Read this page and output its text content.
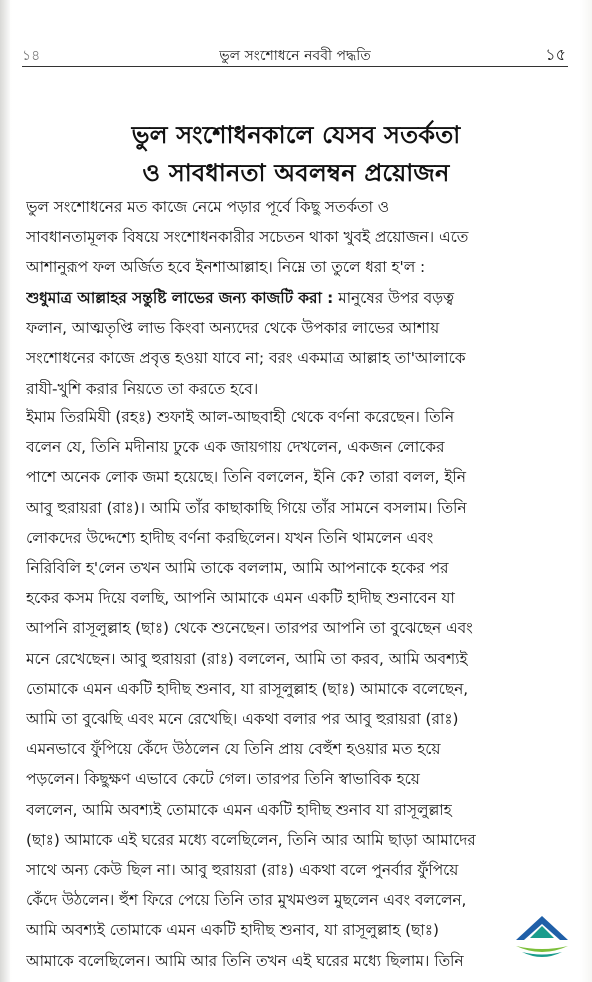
১৪	ভুল সংশোধনে নববী পদ্ধতি	১৫
ভুল সংশোধনকালে যেসব সতর্কতা
ও সাবধানতা অবলম্বন প্রয়োজন
ভুল সংশোধনের মত কাজে নেমে পড়ার পূর্বে কিছু সতর্কতা ও
সাবধানতামূলক বিষয়ে সংশোধনকারীর সচেতন থাকা খুবই প্রয়োজন। এতে
আশানুরূপ ফল অর্জিত হবে ইনশাআল্লাহ। নিম্নে তা তুলে ধরা হ'ল :
শুধুমাত্র আল্লাহর সন্তুষ্টি লাভের জন্য কাজটি করা : মানুষের উপর বড়ত্ব
ফলান, আত্মতৃপ্তি লাভ কিংবা অন্যদের থেকে উপকার লাভের আশায়
সংশোধনের কাজে প্রবৃত্ত হওয়া যাবে না; বরং একমাত্র আল্লাহ তা'আলাকে
রাযী-খুশি করার নিয়তে তা করতে হবে।
ইমাম তিরমিযী (রহঃ) শুফাই আল-আছবাহী থেকে বর্ণনা করেছেন। তিনি
বলেন যে, তিনি মদীনায় ঢুকে এক জায়গায় দেখলেন, একজন লোকের
পাশে অনেক লোক জমা হয়েছে। তিনি বললেন, ইনি কে? তারা বলল, ইনি
আবু হুরায়রা (রাঃ)। আমি তাঁর কাছাকাছি গিয়ে তাঁর সামনে বসলাম। তিনি
লোকদের উদ্দেশ্যে হাদীছ বর্ণনা করছিলেন। যখন তিনি থামলেন এবং
নিরিবিলি হ'লেন তখন আমি তাকে বললাম, আমি আপনাকে হকের পর
হকের কসম দিয়ে বলছি, আপনি আমাকে এমন একটি হাদীছ শুনাবেন যা
আপনি রাসূলুল্লাহ (ছাঃ) থেকে শুনেছেন। তারপর আপনি তা বুঝেছেন এবং
মনে রেখেছেন। আবু হুরায়রা (রাঃ) বললেন, আমি তা করব, আমি অবশ্যই
তোমাকে এমন একটি হাদীছ শুনাব, যা রাসূলুল্লাহ (ছাঃ) আমাকে বলেছেন,
আমি তা বুঝেছি এবং মনে রেখেছি। একথা বলার পর আবু হুরায়রা (রাঃ)
এমনভাবে ফুঁপিয়ে কেঁদে উঠলেন যে তিনি প্রায় বেহুঁশ হওয়ার মত হয়ে
পড়লেন। কিছুক্ষণ এভাবে কেটে গেল। তারপর তিনি স্বাভাবিক হয়ে
বললেন, আমি অবশ্যই তোমাকে এমন একটি হাদীছ শুনাব যা রাসূলুল্লাহ
(ছাঃ) আমাকে এই ঘরের মধ্যে বলেছিলেন, তিনি আর আমি ছাড়া আমাদের
সাথে অন্য কেউ ছিল না। আবু হুরায়রা (রাঃ) একথা বলে পুনর্বার ফুঁপিয়ে
কেঁদে উঠলেন। হুঁশ ফিরে পেয়ে তিনি তার মুখমণ্ডল মুছলেন এবং বললেন,
আমি অবশ্যই তোমাকে এমন একটি হাদীছ শুনাব, যা রাসূলুল্লাহ (ছাঃ)
আমাকে বলেছিলেন। আমি আর তিনি তখন এই ঘরের মধ্যে ছিলাম। তিনি
